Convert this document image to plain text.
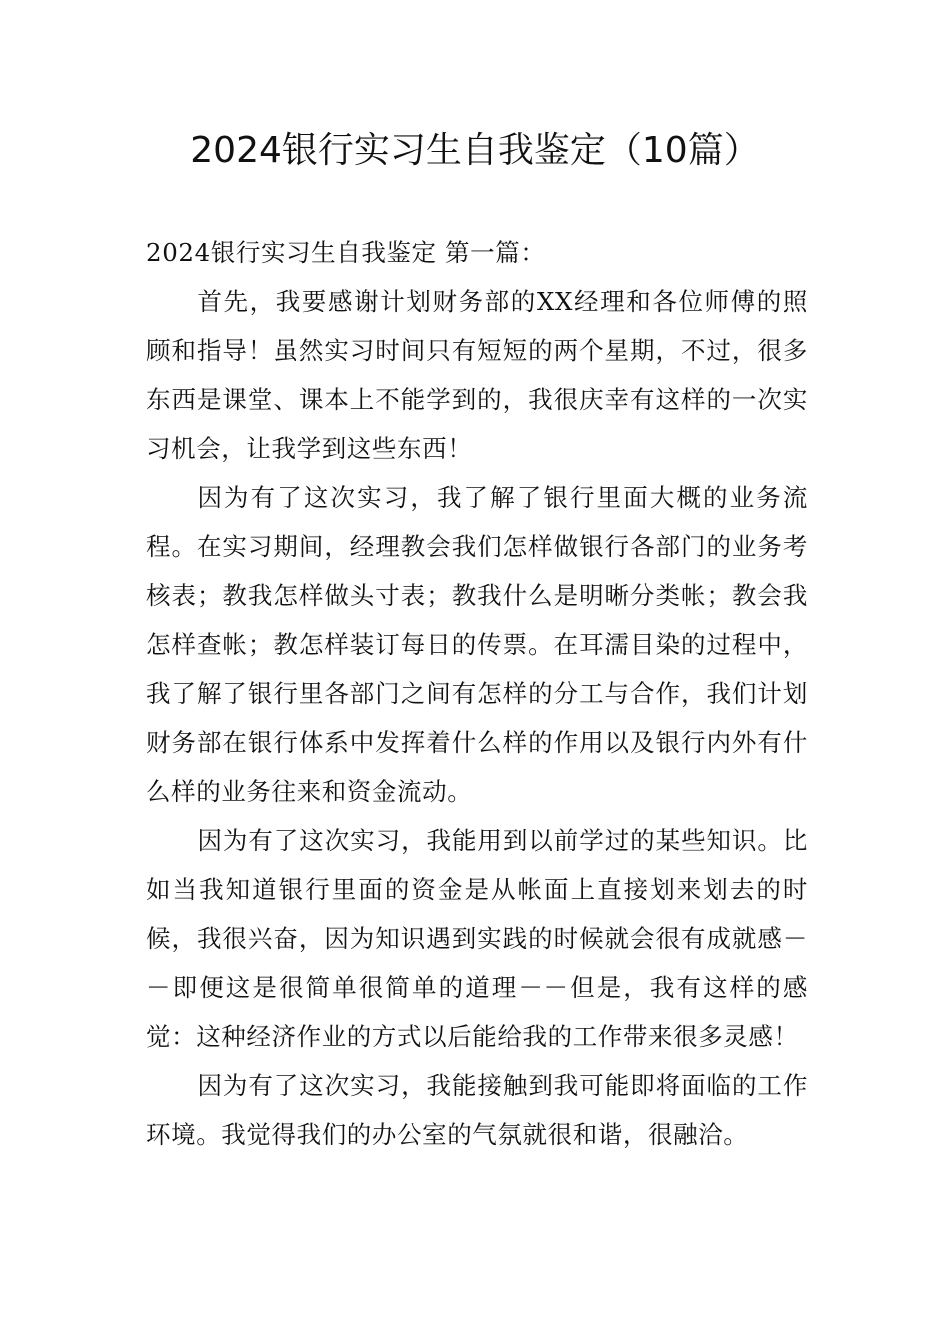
2024银行实习生自我鉴定（10篇）
2024银行实习生自我鉴定 第一篇：

首先，我要感谢计划财务部的XX经理和各位师傅的照顾和指导！虽然实习时间只有短短的两个星期，不过，很多东西是课堂、课本上不能学到的，我很庆幸有这样的一次实习机会，让我学到这些东西！

因为有了这次实习，我了解了银行里面大概的业务流程。在实习期间，经理教会我们怎样做银行各部门的业务考核表；教我怎样做头寸表；教我什么是明晰分类帐；教会我怎样查帐；教怎样装订每日的传票。在耳濡目染的过程中，我了解了银行里各部门之间有怎样的分工与合作，我们计划财务部在银行体系中发挥着什么样的作用以及银行内外有什么样的业务往来和资金流动。

因为有了这次实习，我能用到以前学过的某些知识。比如当我知道银行里面的资金是从帐面上直接划来划去的时候，我很兴奋，因为知识遇到实践的时候就会很有成就感－－即便这是很简单很简单的道理－－但是，我有这样的感觉：这种经济作业的方式以后能给我的工作带来很多灵感！

因为有了这次实习，我能接触到我可能即将面临的工作环境。我觉得我们的办公室的气氛就很和谐，很融洽。
